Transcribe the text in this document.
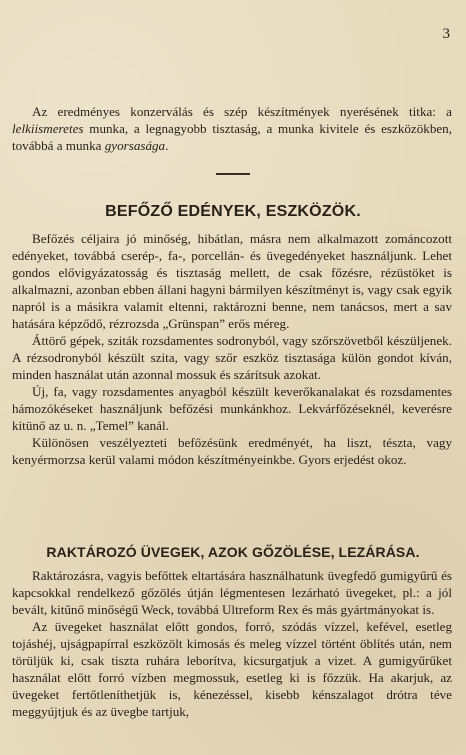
3

Az eredményes konzerválás és szép készítmények nyerésének titka: a lelkiismeretes munka, a legnagyobb tisztaság, a munka kivitele és eszközökben, továbbá a munka gyorsasága.

BEFŐZŐ EDÉNYEK, ESZKÖZÖK.

Befőzés céljaira jó minőség, hibátlan, másra nem alkalmazott zománcozott edényeket, továbbá cserép-, fa-, porcellán- és üvegedényeket használjunk. Lehet gondos elővigyázatosság és tisztaság mellett, de csak főzésre, rézüstöket is alkalmazni, azonban ebben állani hagyni bármilyen készítményt is, vagy csak egyik napról is a másikra valamit eltenni, raktározni benne, nem tanácsos, mert a sav hatására képződő, rézrozsda „Grünspan” erős méreg.

Áttörő gépek, sziták rozsdamentes sodronyból, vagy szőrszövetből készüljenek. A rézsodronyból készült szita, vagy szőr eszköz tisztasága külön gondot kíván, minden használat után azonnal mossuk és szárítsuk azokat.

Új, fa, vagy rozsdamentes anyagból készült keverőkanalakat és rozsdamentes hámozókéseket használjunk befőzési munkánkhoz. Lekvárfőzéseknél, keverésre kitünő az u. n. „Temel” kanál.

Különösen veszélyezteti befőzésünk eredményét, ha liszt, tészta, vagy kenyérmorzsa kerül valami módon készítményeinkbe. Gyors erjedést okoz.

RAKTÁROZÓ ÜVEGEK, AZOK GŐZÖLÉSE, LEZÁRÁSA.

Raktározásra, vagyis befőttek eltartására használhatunk üvegfedő gumigyűrű és kapcsokkal rendelkező gőzölés útján légmentesen lezárható üvegeket, pl.: a jól bevált, kitűnő minőségű Weck, továbbá Ultreform Rex és más gyártmányokat is.

Az üvegeket használat előtt gondos, forró, szódás vízzel, kefével, esetleg tojáshéj, ujságpapírral eszközölt kimosás és meleg vízzel történt öblítés után, nem törüljük ki, csak tiszta ruhára leborítva, kicsurgatjuk a vizet. A gumigyűrűket használat előtt forró vízben megmossuk, esetleg ki is főzzük. Ha akarjuk, az üvegeket fertőtleníthetjük is, kénezéssel, kisebb kénszalagot drótra téve meggyújtjuk és az üvegbe tartjuk,
